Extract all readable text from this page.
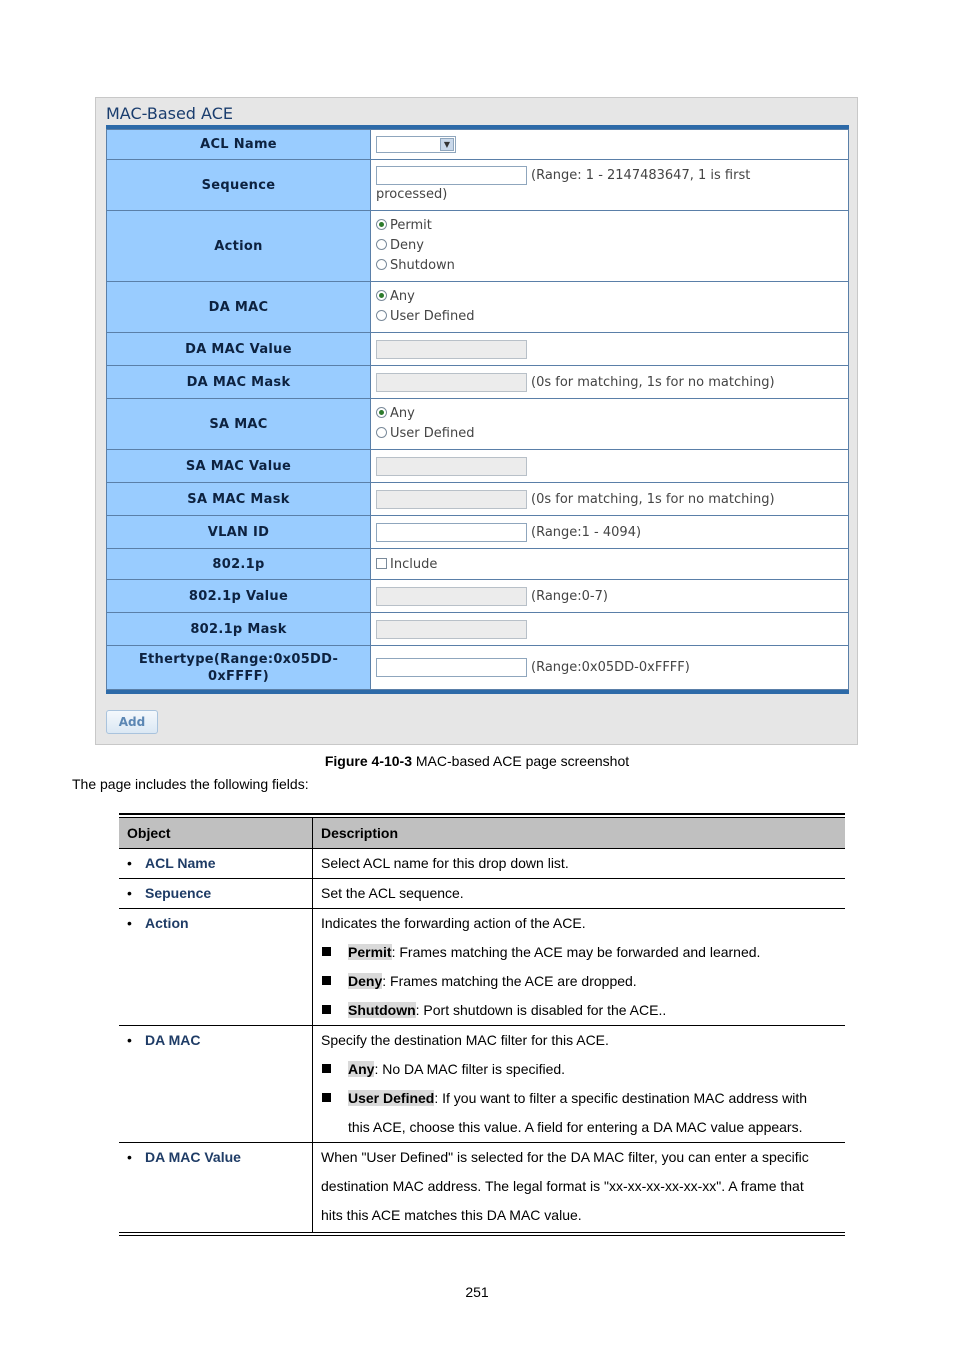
MAC-Based ACE
ACL Name	▼

Sequence	(Range: 1 - 2147483647, 1 is first
processed)
Action	Permit
Deny
Shutdown

DA MAC	Any
User Defined

DA MAC Value	
DA MAC Mask	(0s for matching, 1s for no matching)
SA MAC	Any
User Defined

SA MAC Value	
SA MAC Mask	(0s for matching, 1s for no matching)
VLAN ID	(Range:1 - 4094)
802.1p	Include
802.1p Value	(Range:0-7)
802.1p Mask	
Ethertype(Range:0x05DD-
0xFFFF)	(Range:0x05DD-0xFFFF)
Add
Figure 4-10-3 MAC-based ACE page screenshot
The page includes the following fields:
Object	Description
• ACL Name	Select ACL name for this drop down list.

• Sepuence	Set the ACL sequence.

• Action	Indicates the forwarding action of the ACE.
Permit: Frames matching the ACE may be forwarded and learned.
Deny: Frames matching the ACE are dropped.
Shutdown: Port shutdown is disabled for the ACE..

• DA MAC	Specify the destination MAC filter for this ACE.
Any: No DA MAC filter is specified.
User Defined: If you want to filter a specific destination MAC address with
this ACE, choose this value. A field for entering a DA MAC value appears.

• DA MAC Value	When "User Defined" is selected for the DA MAC filter, you can enter a specific
destination MAC address. The legal format is "xx-xx-xx-xx-xx-xx". A frame that
hits this ACE matches this DA MAC value.
251
